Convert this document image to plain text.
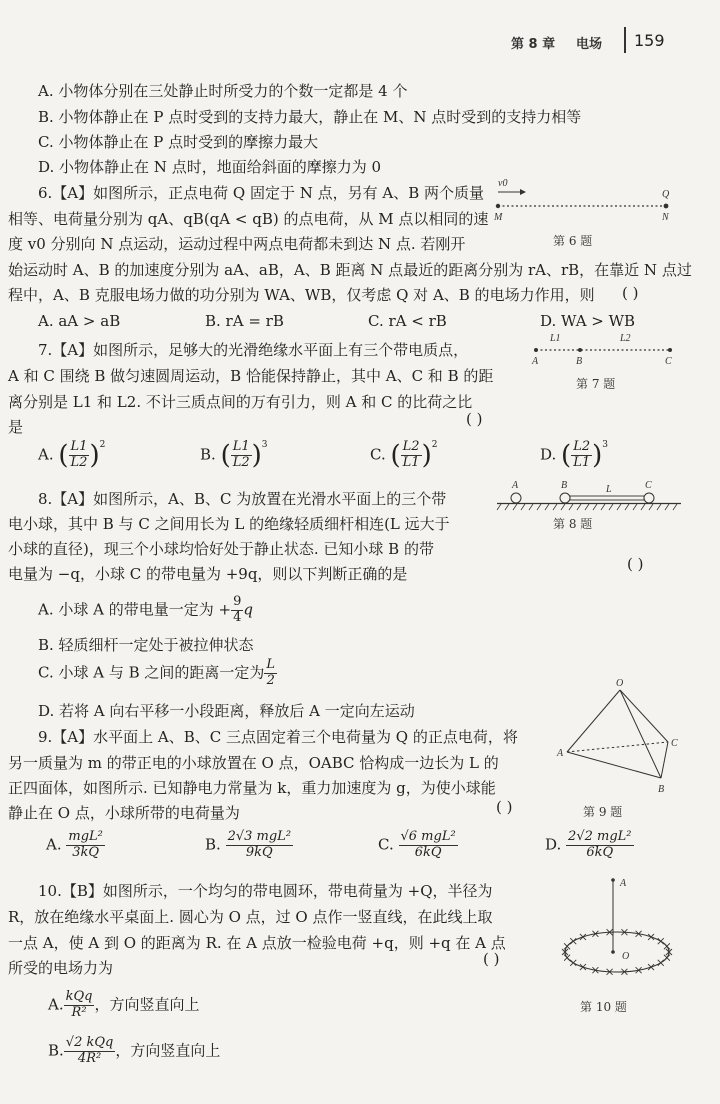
第 8 章 电场 159
A. 小物体分别在三处静止时所受力的个数一定都是 4 个
B. 小物体静止在 P 点时受到的支持力最大，静止在 M、N 点时受到的支持力相等
C. 小物体静止在 P 点时受到的摩擦力最大
D. 小物体静止在 N 点时，地面给斜面的摩擦力为 0
6.【A】如图所示，正点电荷 Q 固定于 N 点，另有 A、B 两个质量
相等、电荷量分别为 qA、qB(qA < qB) 的点电荷，从 M 点以相同的速
度 v0 分别向 N 点运动，运动过程中两点电荷都未到达 N 点. 若刚开
始运动时 A、B 的加速度分别为 aA、aB，A、B 距离 N 点最近的距离分别为 rA、rB，在靠近 N 点过
程中，A、B 克服电场力做的功分别为 WA、WB，仅考虑 Q 对 A、B 的电场力作用，则 ( )
A. aA > aB	B. rA = rB	C. rA < rB	D. WA > WB
v0
Q
M	N
第 6 题
7.【A】如图所示，足够大的光滑绝缘水平面上有三个带电质点，
A 和 C 围绕 B 做匀速圆周运动，B 恰能保持静止，其中 A、C 和 B 的距
离分别是 L1 和 L2. 不计三质点间的万有引力，则 A 和 C 的比荷之比
是	( )
L1	L2
A	B	C
第 7 题
A. ( $\frac{L1}{L2} )^2$
B. ( $\frac{L1}{L2} )^3$
C. ( $\frac{L2}{L1} )^2$
D. ( $\frac{L2}{L1} )^3$
8.【A】如图所示，A、B、C 为放置在光滑水平面上的三个带
电小球，其中 B 与 C 之间用长为 L 的绝缘轻质细杆相连(L 远大于
小球的直径)，现三个小球均恰好处于静止状态. 已知小球 B 的带
电量为 −q，小球 C 的带电量为 +9q，则以下判断正确的是
( )
A	B	L	C
第 8 题
A. 小球 A 的带电量一定为 + $\frac{9}{4}$ q
B. 轻质细杆一定处于被拉伸状态
C. 小球 A 与 B 之间的距离一定为 $\frac{L}{2}$
D. 若将 A 向右平移一小段距离，释放后 A 一定向左运动
9.【A】水平面上 A、B、C 三点固定着三个电荷量为 Q 的正点电荷，将
另一质量为 m 的带正电的小球放置在 O 点，OABC 恰构成一边长为 L 的
正四面体，如图所示. 已知静电力常量为 k，重力加速度为 g，为使小球能
静止在 O 点，小球所带的电荷量为	( )
O
A
C
B
第 9 题
A. $\frac{\text{mgL²}}{3kQ}$	B. $\frac{\text{2√3 mgL²}}{9kQ}$	C. $\frac{\text{√6 mgL²}}{6kQ}$	D. $\frac{\text{2√2 mgL²}}{6kQ}$
10.【B】如图所示，一个均匀的带电圆环，带电荷量为 +Q，半径为
R，放在绝缘水平桌面上. 圆心为 O 点，过 O 点作一竖直线，在此线上取
一点 A，使 A 到 O 的距离为 R. 在 A 点放一检验电荷 +q，则 +q 在 A 点
所受的电场力为	( )
A
O
第 10 题
A. $\frac{\text{kQq}}{\text{R²}}$ ，方向竖直向上
B. $\frac{\text{√2 kQq}}{\text{4R²}}$ ，方向竖直向上
